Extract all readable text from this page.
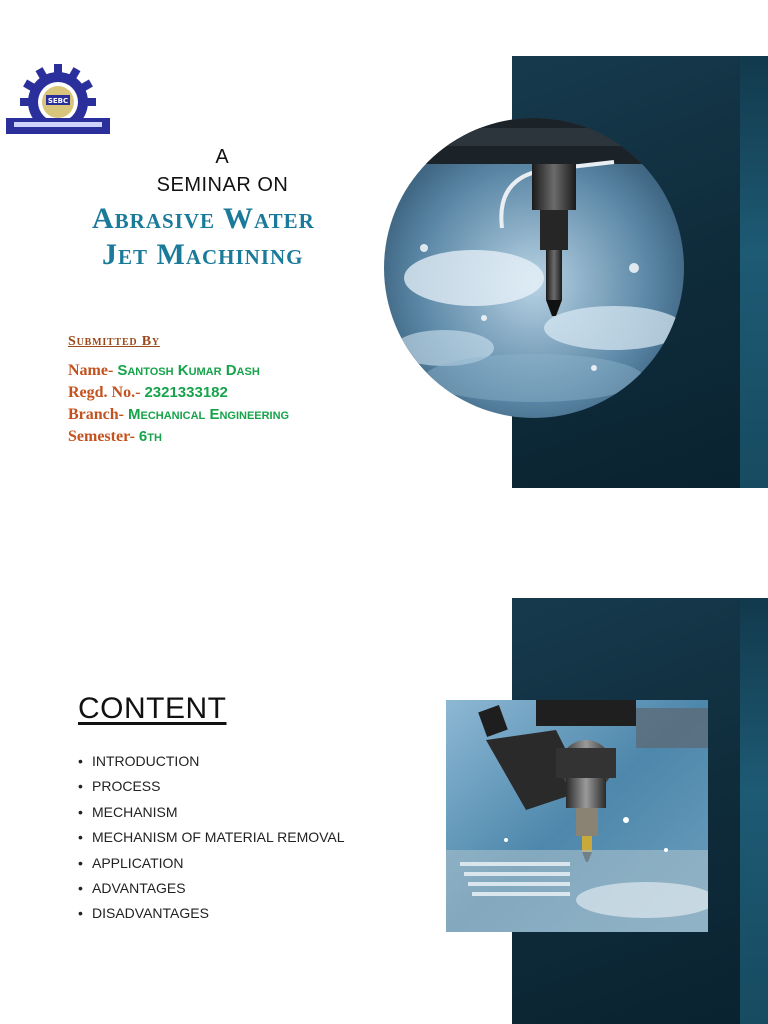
SEBC
A
SEMINAR ON
Abrasive Water
Jet Machining
Submitted By
Name- Santosh Kumar Dash
Regd. No.- 2321333182
Branch- Mechanical Engineering
Semester- 6th
CONTENT
• INTRODUCTION
• PROCESS
• MECHANISM
• MECHANISM OF MATERIAL REMOVAL
• APPLICATION
• ADVANTAGES
• DISADVANTAGES
